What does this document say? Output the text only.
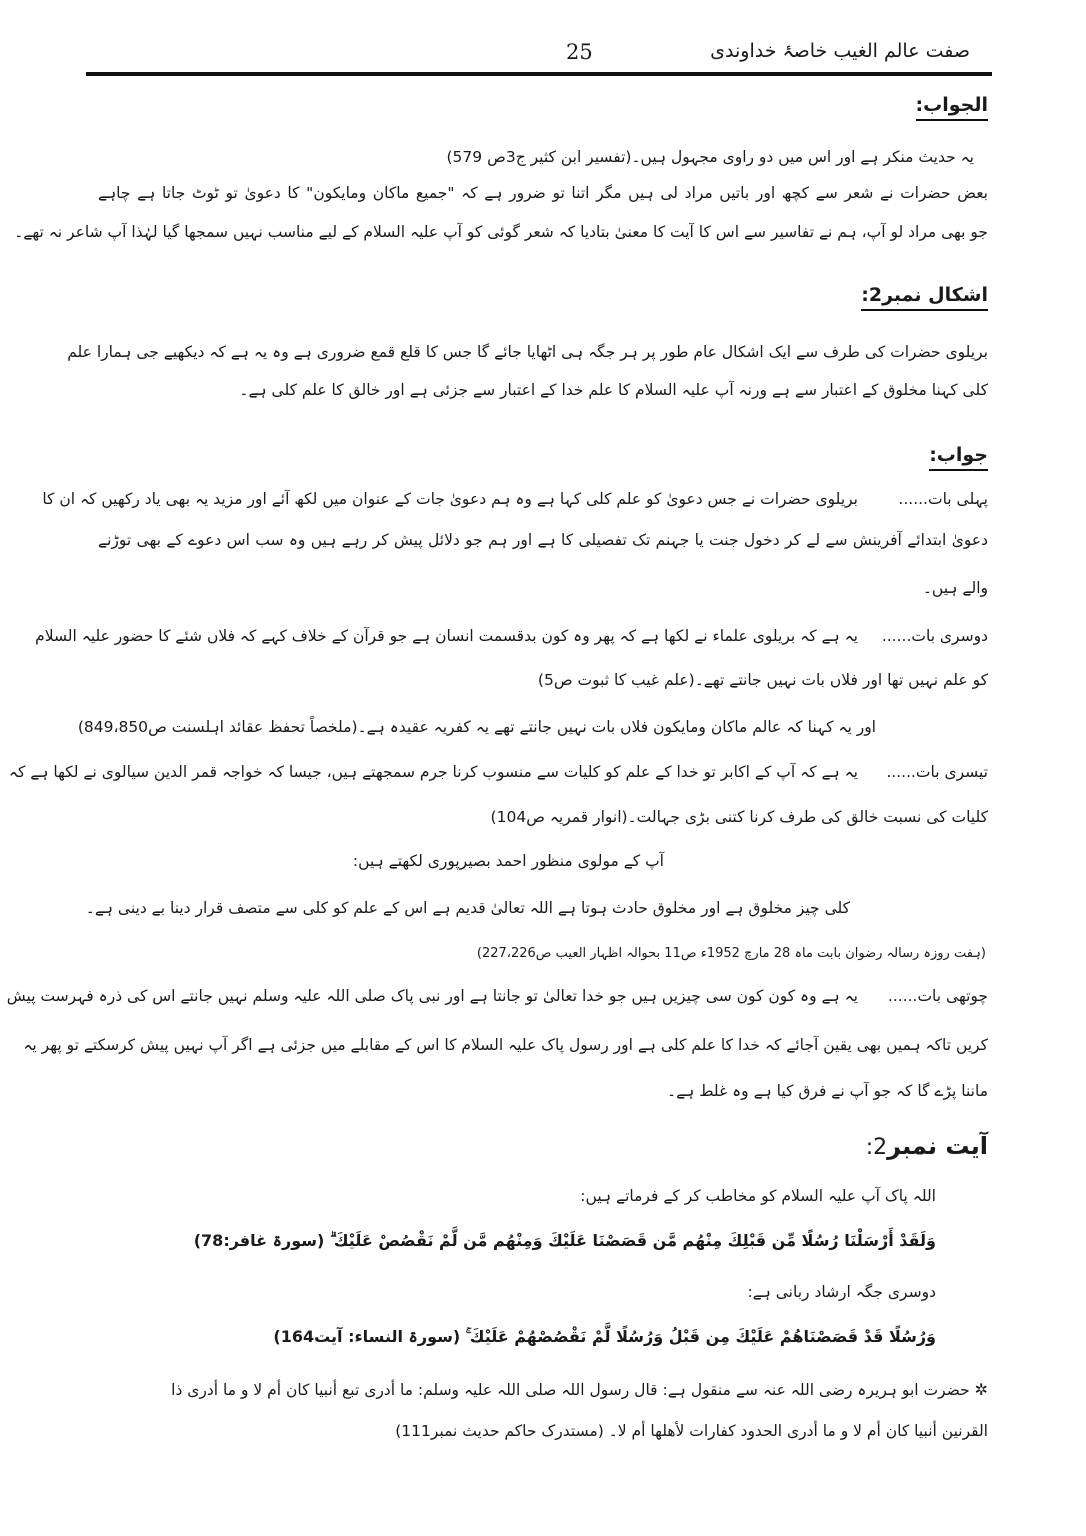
صفت عالم الغیب خاصۂ خداوندی
25
الجواب:
یہ حدیث منکر ہے اور اس میں دو راوی مجہول ہیں۔(تفسیر ابن کثیر ج3ص 579)
بعض حضرات نے شعر سے کچھ اور باتیں مراد لی ہیں مگر اتنا تو ضرور ہے کہ "جمیع ماکان ومایکون" کا دعویٰ تو ٹوٹ جاتا ہے چاہے
جو بھی مراد لو آپ، ہم نے تفاسیر سے اس کا آیت کا معنیٰ بتادیا کہ شعر گوئی کو آپ علیہ السلام کے لیے مناسب نہیں سمجھا گیا لہٰذا آپ شاعر نہ تھے۔
اشکال نمبر2:
بریلوی حضرات کی طرف سے ایک اشکال عام طور پر ہر جگہ ہی اٹھایا جائے گا جس کا قلع قمع ضروری ہے وہ یہ ہے کہ دیکھیے جی ہمارا علم
کلی کہنا مخلوق کے اعتبار سے ہے ورنہ آپ علیہ السلام کا علم خدا کے اعتبار سے جزئی ہے اور خالق کا علم کلی ہے۔
جواب:
پہلی بات......بریلوی حضرات نے جس دعویٰ کو علم کلی کہا ہے وہ ہم دعویٰ جات کے عنوان میں لکھ آئے اور مزید یہ بھی یاد رکھیں کہ ان کا
دعویٰ ابتدائے آفرینش سے لے کر دخول جنت یا جہنم تک تفصیلی کا ہے اور ہم جو دلائل پیش کر رہے ہیں وہ سب اس دعوے کے بھی توڑنے
والے ہیں۔
دوسری بات......یہ ہے کہ بریلوی علماء نے لکھا ہے کہ پھر وہ کون بدقسمت انسان ہے جو قرآن کے خلاف کہے کہ فلاں شئے کا حضور علیہ السلام
کو علم نہیں تھا اور فلاں بات نہیں جانتے تھے۔(علم غیب کا ثبوت ص5)
اور یہ کہنا کہ عالم ماکان ومایکون فلاں بات نہیں جانتے تھے یہ کفریہ عقیدہ ہے۔(ملخصاً تحفظ عقائد اہلسنت ص849،850)
تیسری بات......یہ ہے کہ آپ کے اکابر تو خدا کے علم کو کلیات سے منسوب کرنا جرم سمجھتے ہیں، جیسا کہ خواجہ قمر الدین سیالوی نے لکھا ہے کہ
کلیات کی نسبت خالق کی طرف کرنا کتنی بڑی جہالت۔(انوار قمریہ ص104)
آپ کے مولوی منظور احمد بصیرپوری لکھتے ہیں:
کلی چیز مخلوق ہے اور مخلوق حادث ہوتا ہے اللہ تعالیٰ قدیم ہے اس کے علم کو کلی سے متصف قرار دینا بے دینی ہے۔
(ہفت روزہ رسالہ رضوان بابت ماہ 28 مارچ 1952ء ص11 بحوالہ اظہار العیب ص227،226)
چوتھی بات......یہ ہے وہ کون کون سی چیزیں ہیں جو خدا تعالیٰ تو جانتا ہے اور نبی پاک صلی اللہ علیہ وسلم نہیں جانتے اس کی ذرہ فہرست پیش
کریں تاکہ ہمیں بھی یقین آجائے کہ خدا کا علم کلی ہے اور رسول پاک علیہ السلام کا اس کے مقابلے میں جزئی ہے اگر آپ نہیں پیش کرسکتے تو پھر یہ
ماننا پڑے گا کہ جو آپ نے فرق کیا ہے وہ غلط ہے۔
آیت نمبر2:
اللہ پاک آپ علیہ السلام کو مخاطب کر کے فرماتے ہیں:
وَلَقَدْ أَرْسَلْنَا رُسُلًا مِّن قَبْلِكَ مِنْهُم مَّن قَصَصْنَا عَلَيْكَ وَمِنْهُم مَّن لَّمْ نَقْصُصْ عَلَيْكَ ۗ (سورۃ غافر:78)
دوسری جگہ ارشاد ربانی ہے:
وَرُسُلًا قَدْ قَصَصْنَاهُمْ عَلَيْكَ مِن قَبْلُ وَرُسُلًا لَّمْ نَقْصُصْهُمْ عَلَيْكَ ۚ (سورۃ النساء: آیت164)
✲ حضرت ابو ہریرہ رضی اللہ عنہ سے منقول ہے: قال رسول اللہ صلی اللہ علیہ وسلم: ما أدری تبع أنبیا کان أم لا و ما أدری ذا
القرنین أنبیا کان أم لا و ما أدری الحدود کفارات لأھلھا أم لا۔ (مستدرک حاکم حدیث نمبر111)
